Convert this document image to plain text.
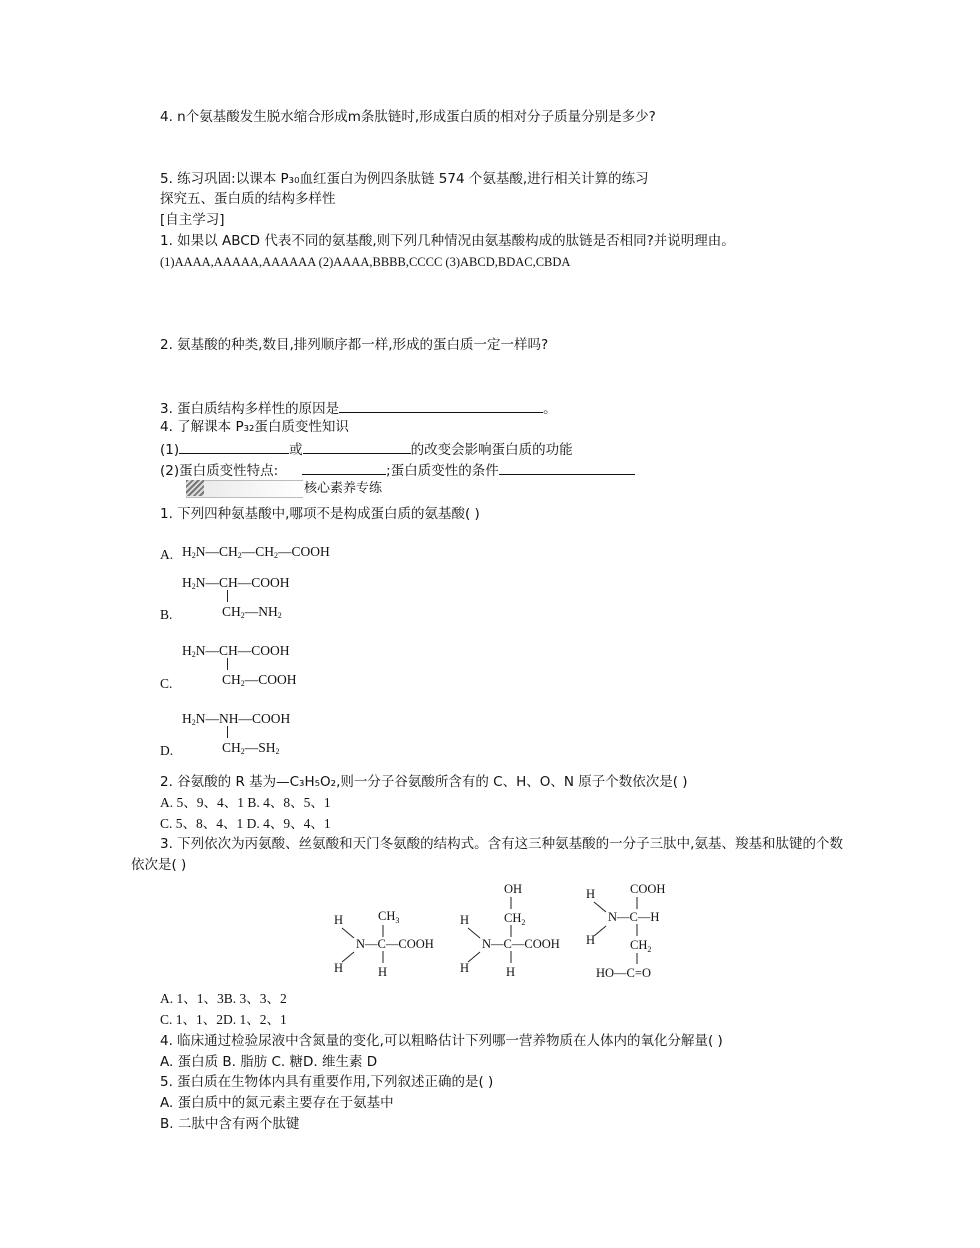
4. n个氨基酸发生脱水缩合形成m条肽链时,形成蛋白质的相对分子质量分别是多少?
5. 练习巩固:以课本 P₃₀血红蛋白为例四条肽链 574 个氨基酸,进行相关计算的练习
探究五、蛋白质的结构多样性
[自主学习]
1. 如果以 ABCD 代表不同的氨基酸,则下列几种情况由氨基酸构成的肽链是否相同?并说明理由。
(1)AAAA,AAAAA,AAAAAA (2)AAAA,BBBB,CCCC (3)ABCD,BDAC,CBDA
2. 氨基酸的种类,数目,排列顺序都一样,形成的蛋白质一定一样吗?
3. 蛋白质结构多样性的原因是	。
4. 了解课本 P₃₂蛋白质变性知识
(1)	或	的改变会影响蛋白质的功能
(2)蛋白质变性特点:	;蛋白质变性的条件
核心素养专练
1. 下列四种氨基酸中,哪项不是构成蛋白质的氨基酸( )
A. $H_2N—CH_2—CH_2—COOH$
$H_2N—CH—COOH$
$CH_2—NH_2$
B.
$H_2N—CH—COOH$
$CH_2—COOH$
C.
$H_2N—NH—COOH$
$CH_2—SH_2$
D.
2. 谷氨酸的 R 基为—C₃H₅O₂,则一分子谷氨酸所含有的 C、H、O、N 原子个数依次是( )
A. 5、9、4、1 B. 4、8、5、1
C. 5、8、4、1 D. 4、9、4、1
3. 下列依次为丙氨酸、丝氨酸和天门冬氨酸的结构式。含有这三种氨基酸的一分子三肽中,氨基、羧基和肽键的个数
依次是( )
H
N—C—COOH
H
$CH_3$
H
H
N—C—COOH
H
OH
$CH_2$
H
H
N—C—H
H
COOH
$CH_2$
HO—C=O
A. 1、1、3B. 3、3、2
C. 1、1、2D. 1、2、1
4. 临床通过检验尿液中含氮量的变化,可以粗略估计下列哪一营养物质在人体内的氧化分解量( )
A. 蛋白质 B. 脂肪 C. 糖D. 维生素 D
5. 蛋白质在生物体内具有重要作用,下列叙述正确的是( )
A. 蛋白质中的氮元素主要存在于氨基中
B. 二肽中含有两个肽键
